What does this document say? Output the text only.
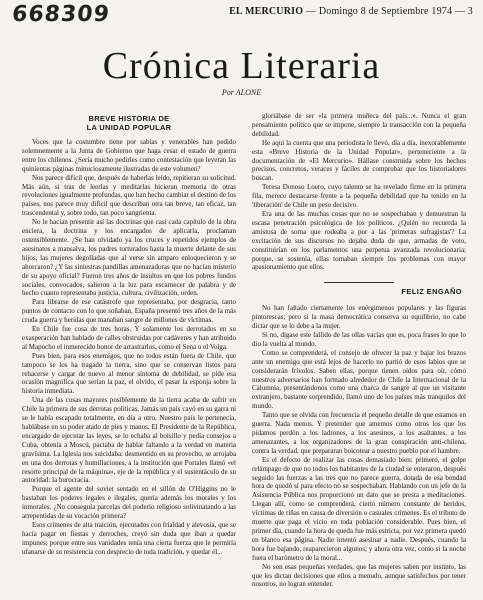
668309	EL MERCURIO — Domingo 8 de Septiembre 1974 — 3
Crónica Literaria
Por ALONE
BREVE HISTORIA DE
LA UNIDAD POPULAR

Voces que la costumbre tiene por sabias y venerables han pedido solemnemente a la Junta de Gobierno que haga cesar el estado de guerra entre los chilenos. ¿Sería mucho pedirles como contestación que leyeran las quinientas páginas minuciosamente ilustradas de este volumen?

Nos parece difícil que, después de haberlas leído, repitieran su solicitud. Más aún, si tras de leerlas y meditarlas hicieran memoria de otras revoluciones igualmente profundas, que han hecho cambiar el destino de los países, nos parece muy difícil que describan otra tan breve, tan eficaz, tan trascendental y, sobre todo, tan poco sangrienta.

No le hacían presentir así las doctrinas que casi cada capítulo de la obra enciera, la doctrina y los encargados de aplicarla, proclaman ostensiblemente. ¿Se han olvidado ya los cruces y repetidos ejemplos de asesinatos a mansalva, los padres torturados hasta la muerte delante de sus hijos, las mujeres degolladas que al verse sin amparo enloquecieron y se ahorcaron? ¿Y las siniestras pandillas amenazadoras que no hacían misterio de su apoyo oficial? Fueron tres años de insultos en que los pobres fundos sociales, convocados, salieron a la luz para escarnecer de palabra y de hecho cuanto representaba justicia, cultura, civilización, orden.

Para librarse de ese catástrofe que representaba, por desgracia, tanto puntos de contacto con lo que soñaban, España presentó tres años de la más cruda guerra y heridas que manaban sangre de millones de víctimas.

En Chile fue cosa de tres horas. Y solamente los derrotados en su exasperación han hablado de calles obstruidas por cadáveres y han atribuido al Mapocho el inmerecido honor de arrastrarlos, como el Sena o el Volga.

Pues bien, para esos enemigos, que no todos están fuera de Chile, que tampoco se los ha tragado la tierra, sino que se conservan listos para rehacerse y cargar de nuevo al menor síntoma de debilidad, se pide esa ocasión magnífica que serían la paz, el olvido, el pasar la esponja sobre la historia inmediata.

Una de las cosas mayores posiblemente de la tierra acaba de sufrir en Chile la primera de sus derrotas políticas. Jamás un país cayó en su garra ni se le había escapado totalmente, en día a otro. Nuestro país le pertenecía, hablábase en su poder atado de pies y manos. El Presidente de la República, encargado de ejecutar las leyes, se lo echaba al bolsillo y pedía consejos a Cuba, obtenía a Moscú, pactaba de hablar faltando a la verdad en materia gravísima. La Iglesia nos suicidaba: desmentido en su provecho, se arrojaba en una dos derrotas y humillaciones, a la institución que Portales llamó «el resorte principal de la máquina», eje de la república y el sustentáculo de su autoridad: la burocracia.

Porque el agente del soviet sentado en el sillón de O'Higgins no le bastaban los poderes legales e ilegales, quería además los morales y los inmorales. ¿No conseguía parcelas del poderío religioso solivinatando a las arrepentidas de su vocación primera?

Esos crímenes de alta traición, ejecutados con frialdad y alevosía, que se hacía pagar en fiestas y derroches, creyó sin duda que iban a quedar impunes; porque entre sus vanidades tenía una cierta fuerza que le permitía ufanarse de su resistencia con desprecio de toda tradición, y quedar él...

gloriábase de ser «la primera muñeca del país...». Nunca el gran pensamiento político que se impone, siempre la transacción con la pequeña debilidad.

He aquí la cuenta que una periodista le llevó, día a día, inexorablemente esta «Breve Historia de la Unidad Popular», perteneciente a la documentación de «El Mercurio». Hállase construida sobre los hechos precisos, concretos, veraces y fáciles de comprobar que los historiadores buscan.

Teresa Donoso Loero, cuyo talento se ha revelado firme en la primera fila, merece destacarse frente a la pequeña debilidad que ha tenido en la 'liberación' de Chile un peso decisivo.

Era una de las muchas cosas que no se sospechaban y demuestran la escasa penetración psicológica de los políticos. ¿Quién no recuerda la amistosa de sorna que rodeaba a por a las 'primeras sufragistas'? La excitación de sus discursos no dejaba duda de que, armadas de voto, constituirían en los parlamentos una perpetua avanzada revolucionaria; porque, se sostenía, ellas tomaban siempre los problemas con mayor apasionamiento que ellos.

FELIZ ENGAÑO

No han faltado ciertamente los enérgimenos populares y las figuras pintorescas; pero si la masa democrática conserva su equilibrio, no cabe dictar que se lo debe a la mujer.

Si no, dígase este fallido de las ollas vacías que es, poca frases lo que lo dio la vuelta al mundo.

Como se comprenderá, el consejo de ofrecer la paz y bajar los brazos ante un enemigo que está lejos de hacerlo no partió de esos labios que se considerarán frívolos. Saben ellas, porque tienen oídos para oír, cómo nuestros adversarios han formado alrededor de Chile la Internacional de la Calumnia, presentándonos como una charca de sangre al que un visitante extranjero, bastante sorprendido, llamó uno de los países más tranquilos del mundo.

Tanto que se olvida con frecuencia el pequeño detalle de que estamos en guerra. Nada menos. Y pretender que amemos como otros los que los pidamos perdón a los ladrones, a los asesinos, a los asaltantes, a los amenazantes, a los organizadores de la gran conspiración anti-chilena, contra la verdad, que prepararan boicotear a nuestro pueblo por el hambre.

Es el defecto de realizar las cosas demasiado bien: primero, el golpe relámpago de que no todos los habitantes de la ciudad se enteraron, después seguido las fuerzas a las tres que no parece guerra, dotada de esa bondad hora de quedó sí para efecto no se sospechaban. Hablando con un jefe de la Asistencia Pública nos proporcionó un dato que se presta a meditaciones. Llegan allí, como se comprenderá, cierto número constante de heridos, víctimas de riñas en causa de diversión o casuales crímenes. Es el tributo de muerte que paga el vicio en toda población considerable. Pues bien, el primer día, cuando la hora de queda fue más estricta, por vez primera quedó en blanco esa página. Nadie intentó asesinar a nadie. Después, cuando la hora fue bajando, reaparecieron algunos; y ahora otra vez, como si la noche fuera el barómetro de la moral...

No son esas pequeñas verdades, que las mujeres saben por instinto, las que les dictan decisiones que ellos a menudo, aunque satisfechos por tener nosotros, no logran entender.
